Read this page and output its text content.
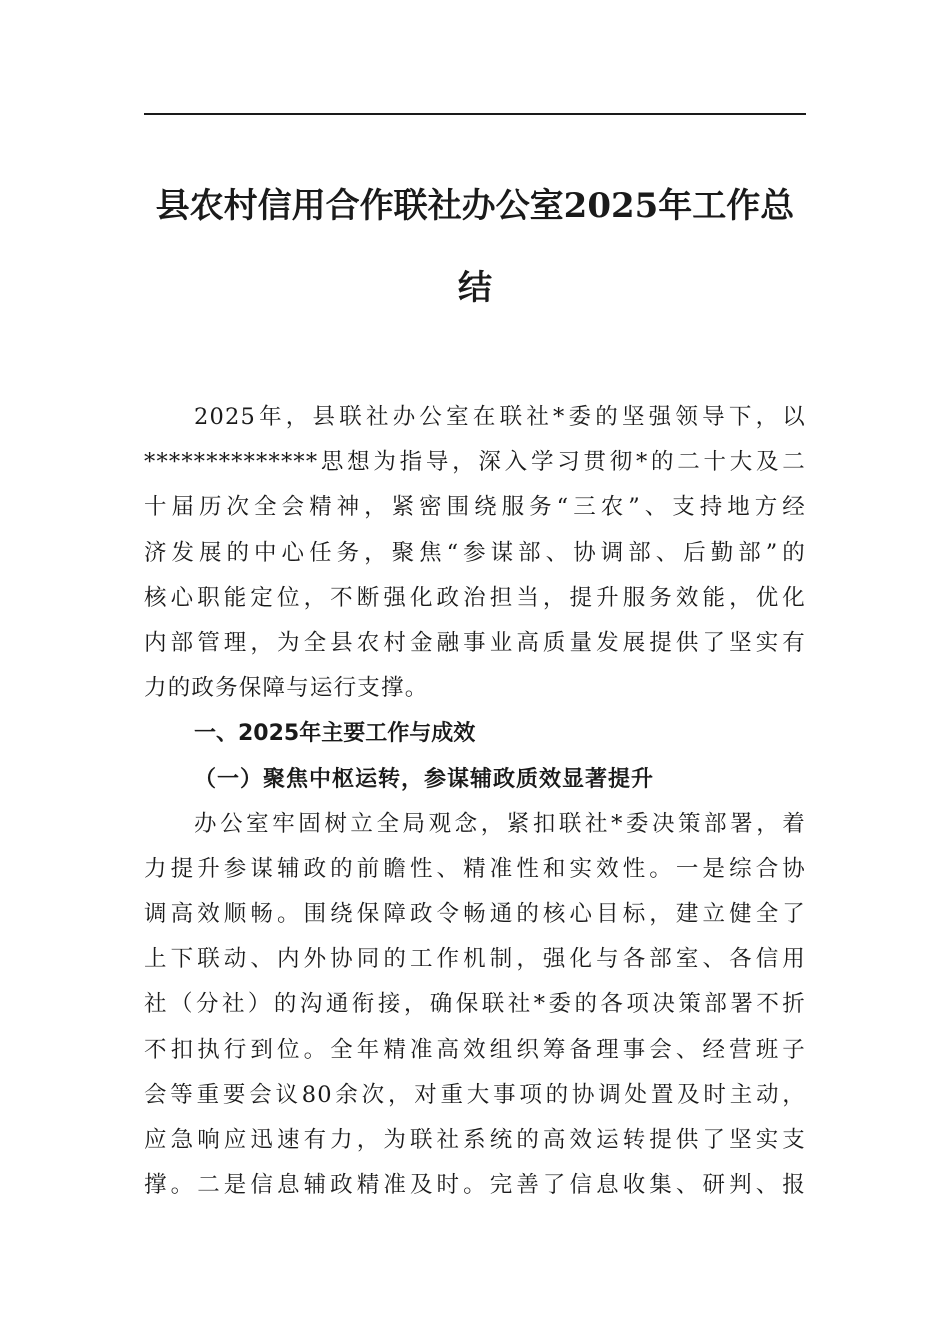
县农村信用合作联社办公室2025年工作总
结
2025年，县联社办公室在联社*委的坚强领导下，以
**************思想为指导，深入学习贯彻*的二十大及二
十届历次全会精神，紧密围绕服务“三农”、支持地方经
济发展的中心任务，聚焦“参谋部、协调部、后勤部”的
核心职能定位，不断强化政治担当，提升服务效能，优化
内部管理，为全县农村金融事业高质量发展提供了坚实有
力的政务保障与运行支撑。
一、2025年主要工作与成效
（一）聚焦中枢运转，参谋辅政质效显著提升
办公室牢固树立全局观念，紧扣联社*委决策部署，着
力提升参谋辅政的前瞻性、精准性和实效性。一是综合协
调高效顺畅。围绕保障政令畅通的核心目标，建立健全了
上下联动、内外协同的工作机制，强化与各部室、各信用
社（分社）的沟通衔接，确保联社*委的各项决策部署不折
不扣执行到位。全年精准高效组织筹备理事会、经营班子
会等重要会议80余次，对重大事项的协调处置及时主动，
应急响应迅速有力，为联社系统的高效运转提供了坚实支
撑。二是信息辅政精准及时。完善了信息收集、研判、报
